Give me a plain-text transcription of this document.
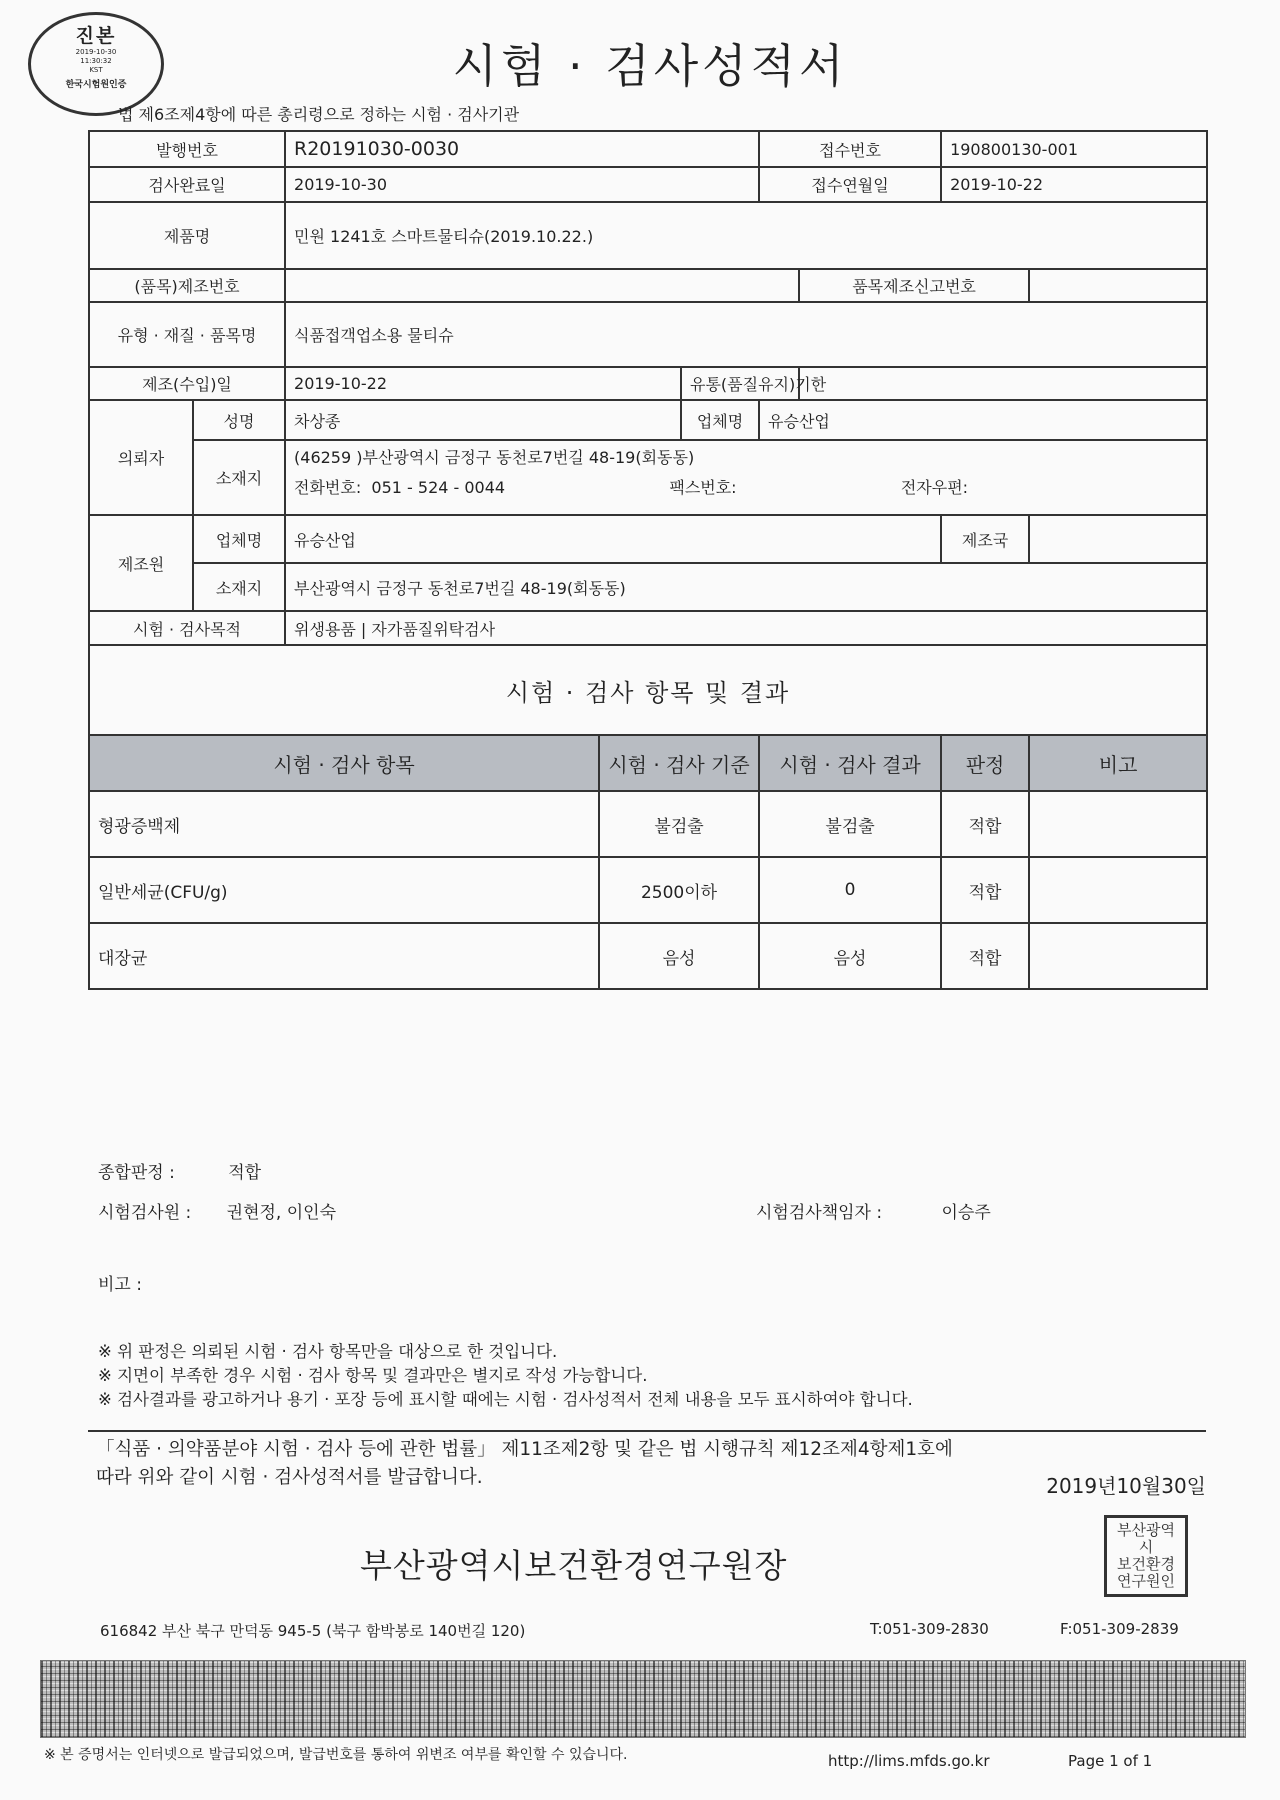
진본
2019-10-30
11:30:32
KST
한국시험원인증	시험 · 검사성적서
법 제6조제4항에 따른 총리령으로 정하는 시험 · 검사기관
발행번호		R20191030-0030			접수번호		190800130-001	
검사완료일		2019-10-30			접수연월일		2019-10-22	
제품명		민원 1241호 스마트물티슈(2019.10.22.)						
(품목)제조번호						품목제조신고번호		
유형 · 재질 · 품목명		식품접객업소용 물티슈						
제조(수입)일		2019-10-22		유통(품질유지)기한				
의뢰자	성명	차상종		업체명	유승산업			
	소재지	(46259 )부산광역시 금정구 동천로7번길 48-19(회동동)
전화번호: 051 - 524 - 0044 팩스번호: 전자우편:						

제조원	업체명	유승산업					제조국	
	소재지	부산광역시 금정구 동천로7번길 48-19(회동동)						
시험 · 검사목적		위생용품 | 자가품질위탁검사						
시험 · 검사 항목 및 결과								
시험 · 검사 항목			시험 · 검사 기준		시험 · 검사 결과		판정	비고
형광증백제			불검출		불검출		적합	
일반세균(CFU/g)			2500이하		0		적합	
대장균			음성		음성		적합	
종합판정 :	적합
시험검사원 : 권현정, 이인숙	시험검사책임자 :	이승주
비고 :
※ 위 판정은 의뢰된 시험 · 검사 항목만을 대상으로 한 것입니다.
※ 지면이 부족한 경우 시험 · 검사 항목 및 결과만은 별지로 작성 가능합니다.
※ 검사결과를 광고하거나 용기 · 포장 등에 표시할 때에는 시험 · 검사성적서 전체 내용을 모두 표시하여야 합니다.
「식품 · 의약품분야 시험 · 검사 등에 관한 법률」 제11조제2항 및 같은 법 시행규칙 제12조제4항제1호에
따라 위와 같이 시험 · 검사성적서를 발급합니다.	2019년10월30일
부산광역시보건환경연구원장
부산광역시
보건환경
연구원인
616842 부산 북구 만덕동 945-5 (북구 함박봉로 140번길 120)	T:051-309-2830	F:051-309-2839
※ 본 증명서는 인터넷으로 발급되었으며, 발급번호를 통하여 위변조 여부를 확인할 수 있습니다.	http://lims.mfds.go.kr	Page 1 of 1
